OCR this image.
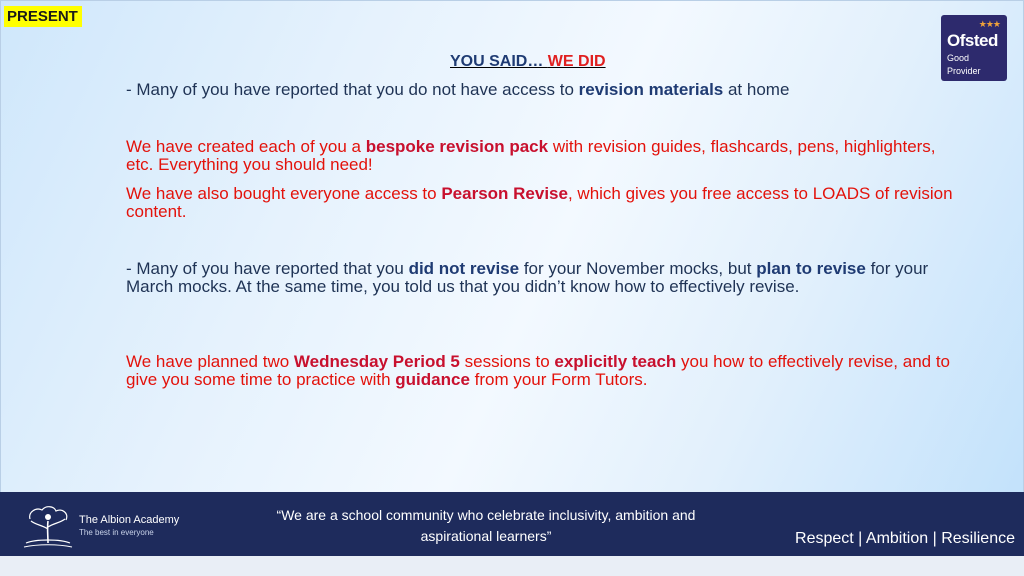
PRESENT	★★★
Ofsted
Good
Provider
YOU SAID… WE DID

- Many of you have reported that you do not have access to revision materials at home

We have created each of you a bespoke revision pack with revision guides, flashcards, pens, highlighters, etc. Everything you should need!

We have also bought everyone access to Pearson Revise, which gives you free access to LOADS of revision content.

- Many of you have reported that you did not revise for your November mocks, but plan to revise for your March mocks. At the same time, you told us that you didn’t know how to effectively revise.

We have planned two Wednesday Period 5 sessions to explicitly teach you how to effectively revise, and to give you some time to practice with guidance from your Form Tutors.

The Albion Academy
The best in everyone
“We are a school community who celebrate inclusivity, ambition and aspirational learners”	Respect | Ambition | Resilience
